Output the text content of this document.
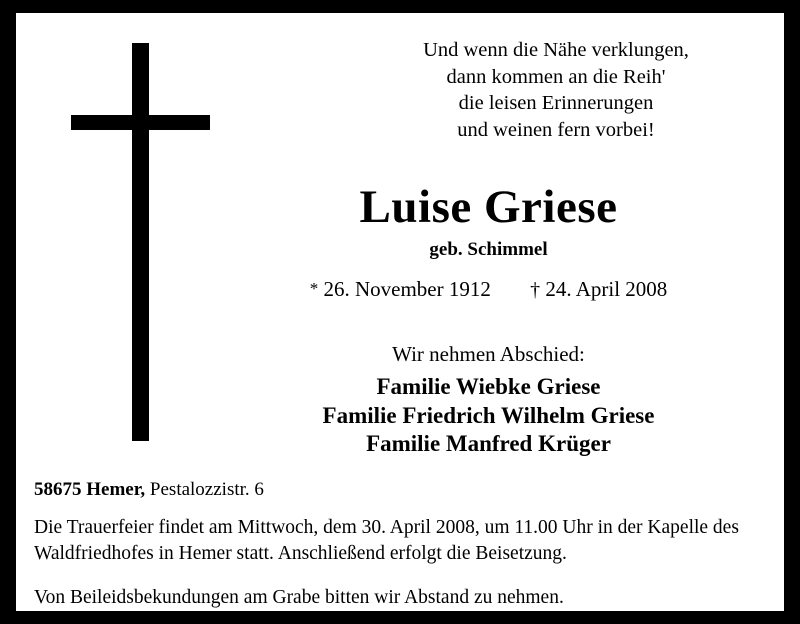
Und wenn die Nähe verklungen,
dann kommen an die Reih'
die leisen Erinnerungen
und weinen fern vorbei!
Luise Griese
geb. Schimmel
* 26. November 1912 † 24. April 2008
Wir nehmen Abschied:
Familie Wiebke Griese
Familie Friedrich Wilhelm Griese
Familie Manfred Krüger
58675 Hemer, Pestalozzistr. 6

Die Trauerfeier findet am Mittwoch, dem 30. April 2008, um 11.00 Uhr in der Kapelle des Waldfriedhofes in Hemer statt. Anschließend erfolgt die Beisetzung.

Von Beileidsbekundungen am Grabe bitten wir Abstand zu nehmen.
